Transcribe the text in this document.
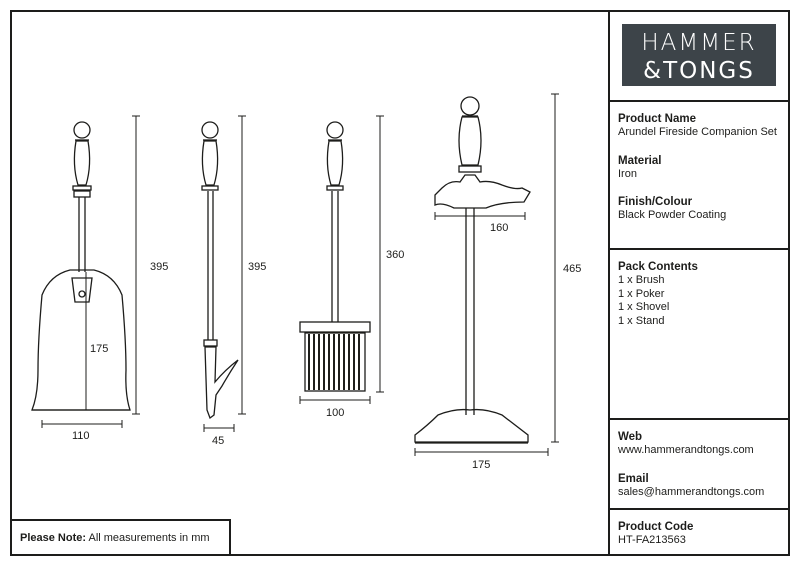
395
175
110
395
45
360
100
465
160
175
HAMMER
&TONGS
Product Name
Arundel Fireside Companion Set
Material
Iron
Finish/Colour
Black Powder Coating
Pack Contents
1 x Brush
1 x Poker
1 x Shovel
1 x Stand
Web
www.hammerandtongs.com
Email
sales@hammerandtongs.com
Product Code
HT-FA213563
Please Note: All measurements in mm
